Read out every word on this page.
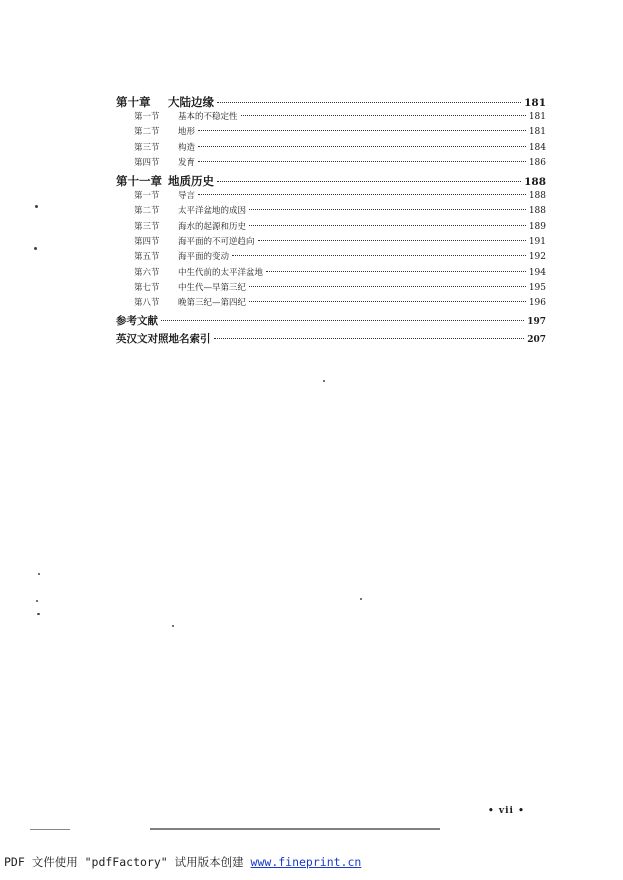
第十章	大陆边缘	181
第一节	基本的不稳定性	181
第二节	地形	181
第三节	构造	184
第四节	发育	186
第十一章 地质历史	188
第一节	导言	188
第二节	太平洋盆地的成因	188
第三节	海水的起源和历史	189
第四节	海平面的不可逆趋向	191
第五节	海平面的变动	192
第六节	中生代前的太平洋盆地	194
第七节	中生代—早第三纪	195
第八节	晚第三纪—第四纪	196
参考文献	197
英汉文对照地名索引	207
• vii •
PDF 文件使用 "pdfFactory" 试用版本创建 www.fineprint.cn
